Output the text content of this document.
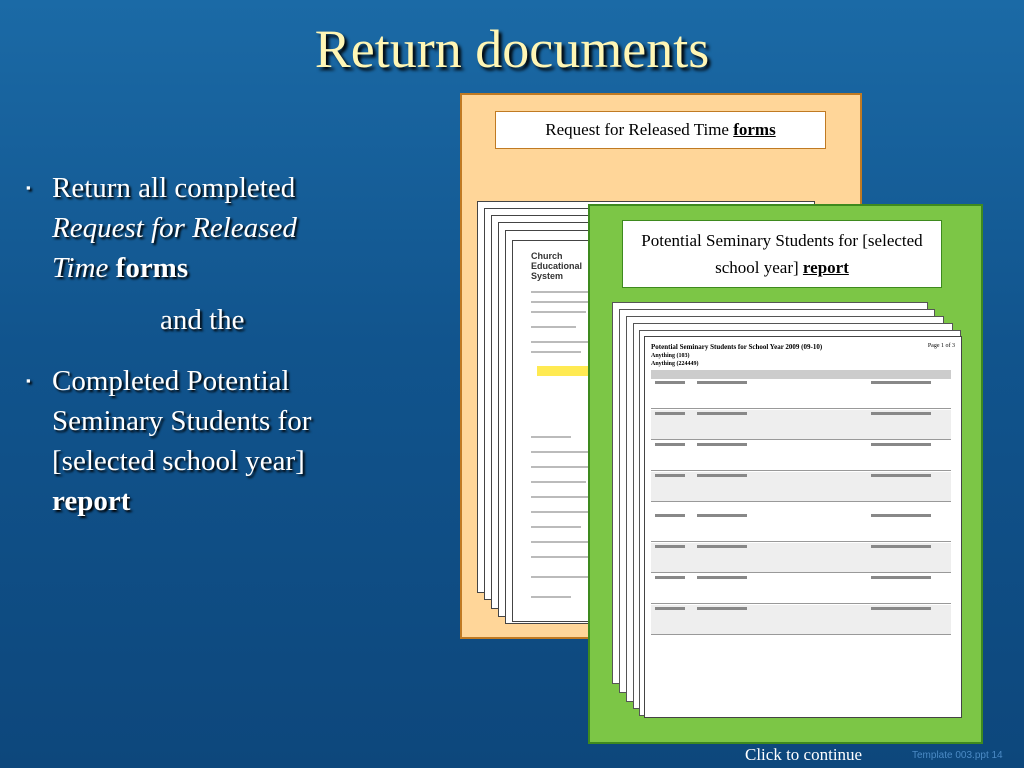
Return documents
▪ Return all completed Request for Released Time forms
and the
▪ Completed Potential Seminary Students for [selected school year]
report
Request for Released Time forms
Church Educational System
Potential Seminary Students for [selected school year] report
Potential Seminary Students for School Year 2009 (09-10)	Page 1 of 3
Anything (103)
Anything (224449)
Click to continue	Template 003.ppt 14
